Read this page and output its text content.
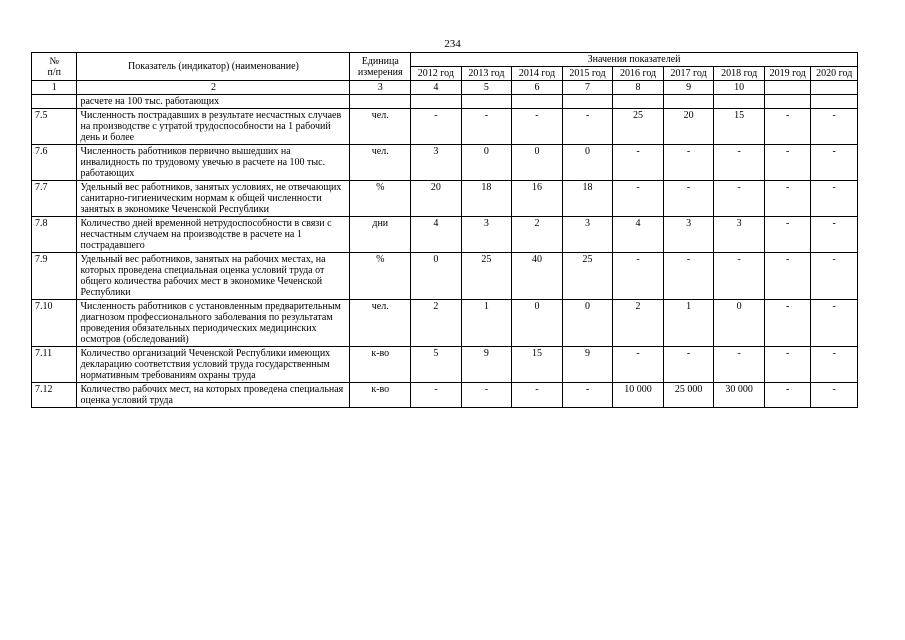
234
№
п/п	Показатель (индикатор) (наименование)	Единица измерения	Значения показателей								
			2012 год	2013 год	2014 год	2015 год	2016 год	2017 год	2018 год	2019 год	2020 год
1	2	3	4	5	6	7	8	9	10		
	расчете на 100 тыс. работающих										
7.5	Численность пострадавших в результате несчастных случаев на производстве с утратой трудоспособности на 1 рабочий день и более	чел.	-	-	-	-	25	20	15	-	-
7.6	Численность работников первично вышедших на инвалидность по трудовому увечью в расчете на 100 тыс. работающих	чел.	3	0	0	0	-	-	-	-	-
7.7	Удельный вес работников, занятых условиях, не отвечающих санитарно-гигиеническим нормам к общей численности занятых в экономике Чеченской Республики	%	20	18	16	18	-	-	-	-	-
7.8	Количество дней временной нетрудоспособности в связи с несчастным случаем на производстве в расчете на 1 пострадавшего	дни	4	3	2	3	4	3	3	-	-
7.9	Удельный вес работников, занятых на рабочих местах, на которых проведена специальная оценка условий труда от общего количества рабочих мест в экономике Чеченской Республики	%	0	25	40	25	-	-	-	-	-
7.10	Численность работников с установленным предварительным диагнозом профессионального заболевания по результатам проведения обязательных периодических медицинских осмотров (обследований)	чел.	2	1	0	0	2	1	0	-	-
7.11	Количество организаций Чеченской Республики имеющих декларацию соответствия условий труда государственным нормативным требованиям охраны труда	к-во	5	9	15	9	-	-	-	-	-
7.12	Количество рабочих мест, на которых проведена специальная оценка условий труда	к-во	-	-	-	-	10 000	25 000	30 000	-	-
